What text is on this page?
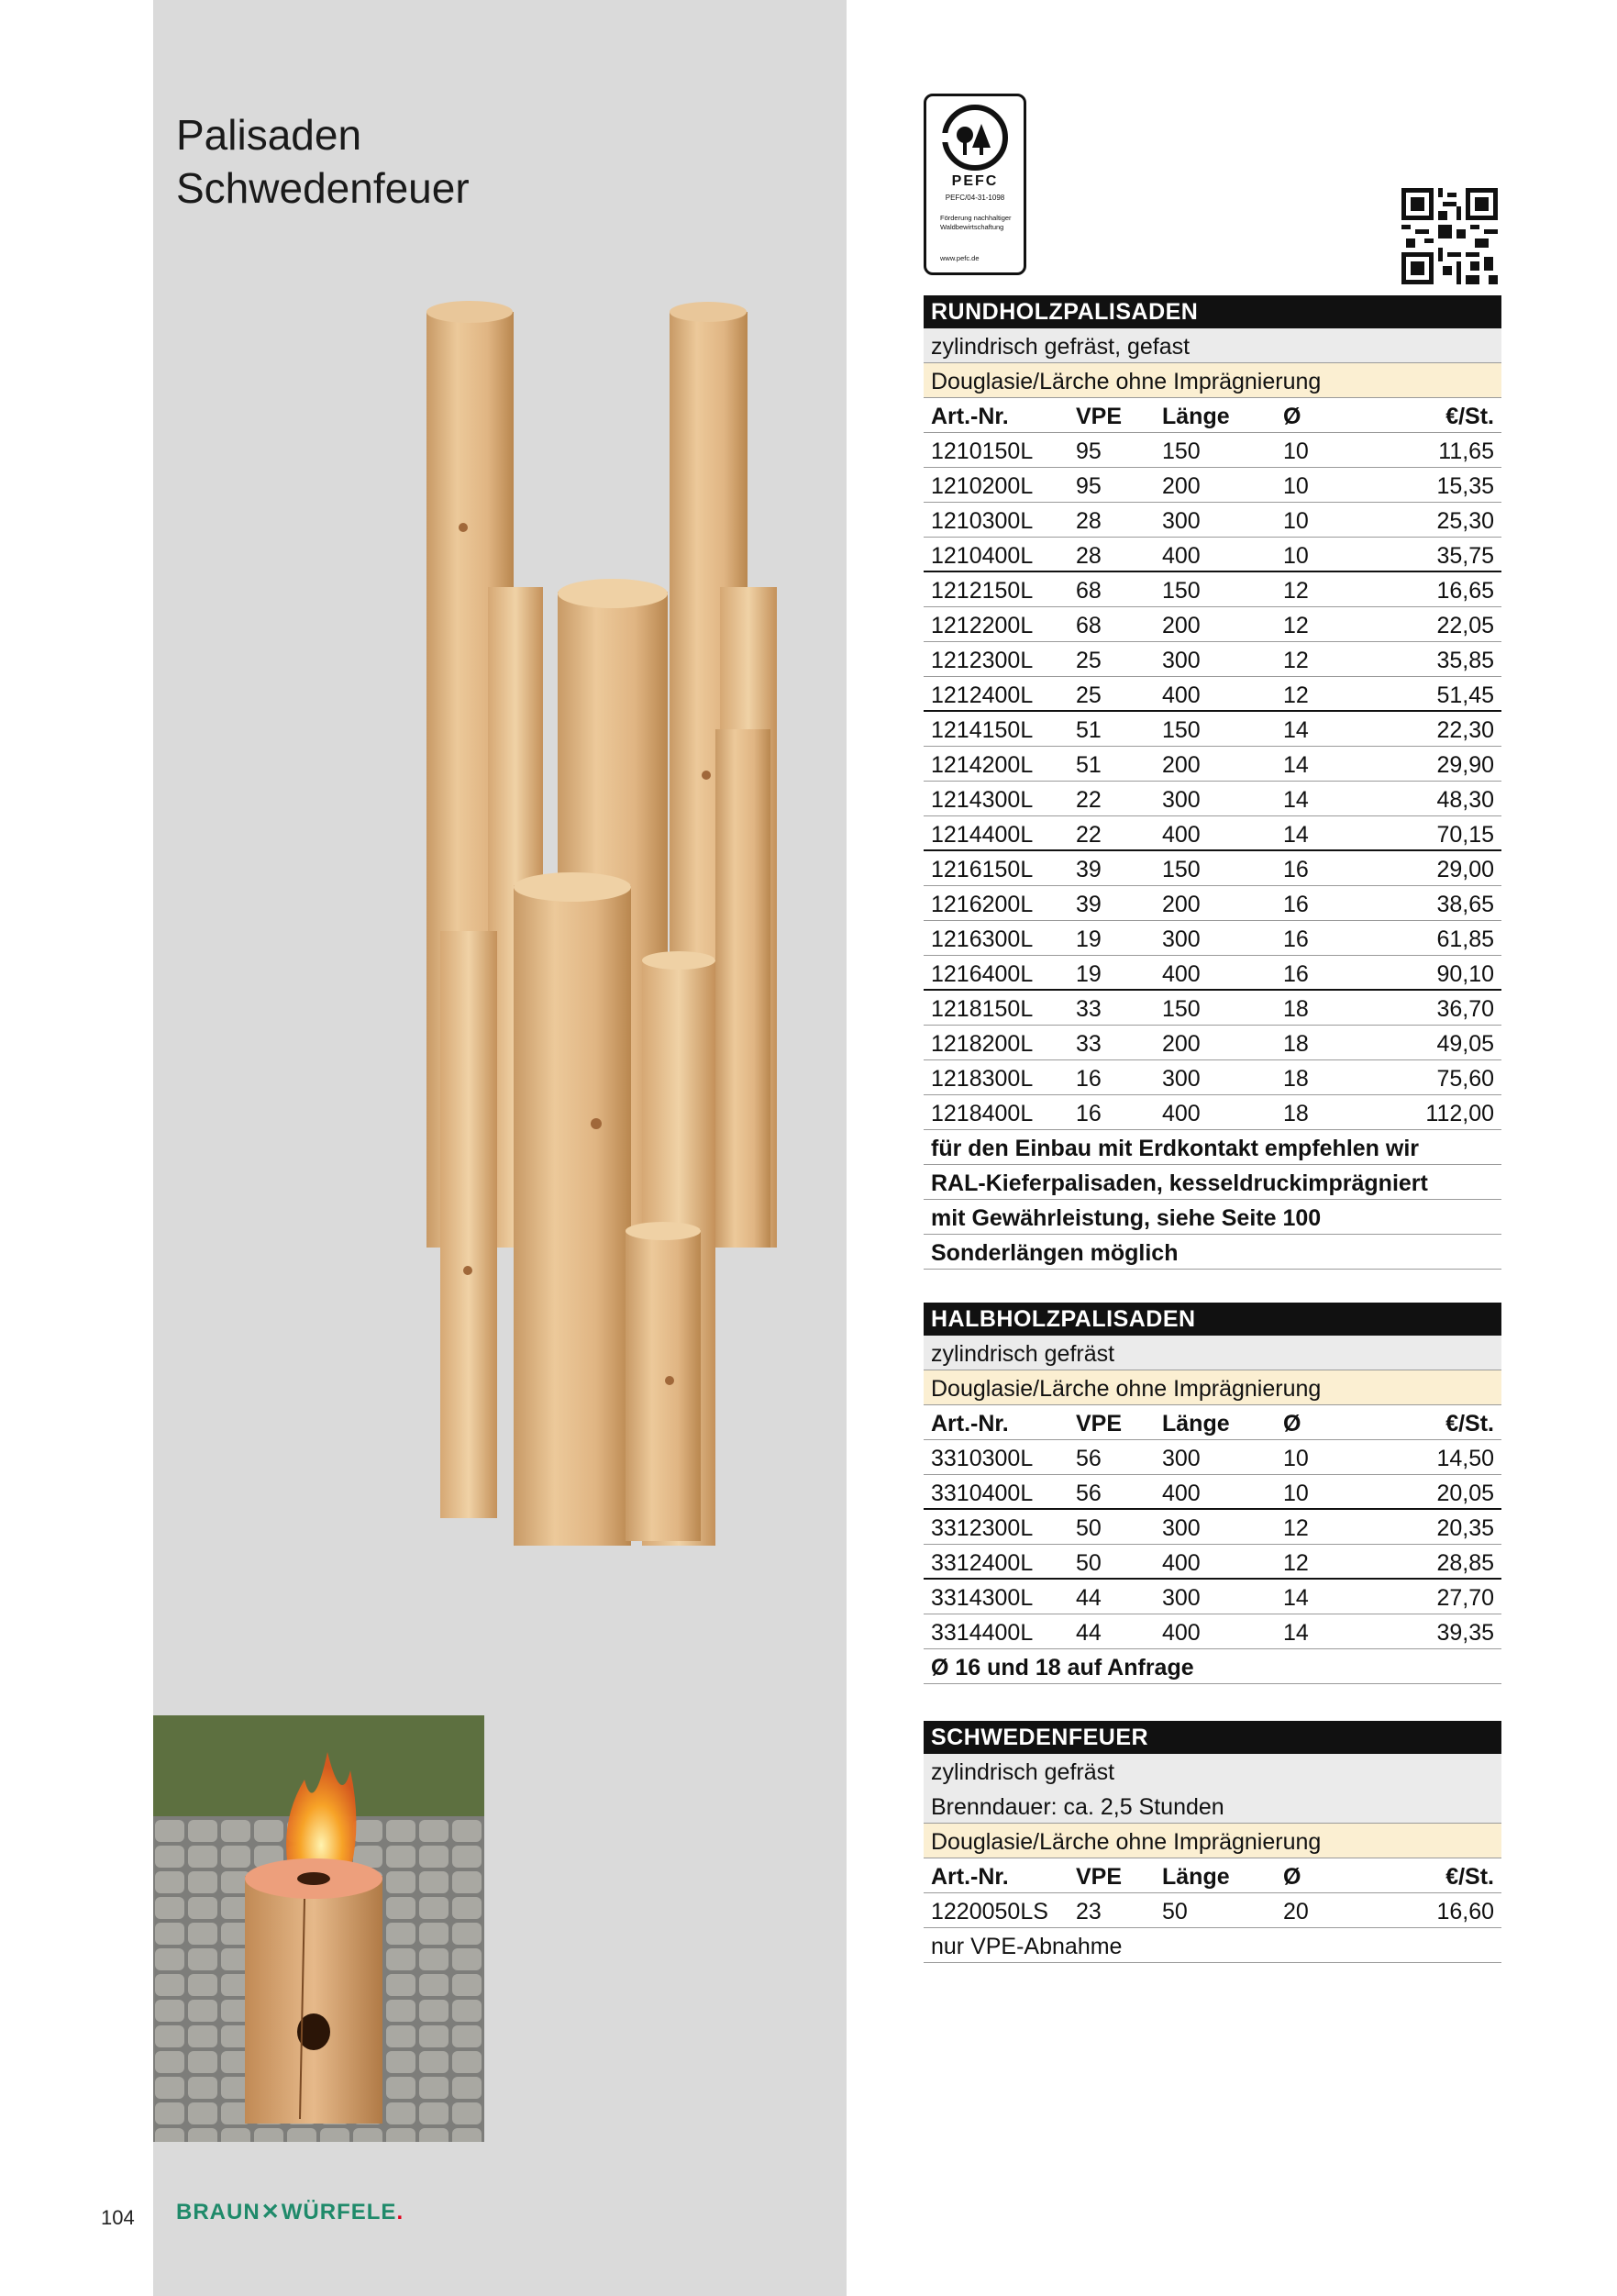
Palisaden
Schwedenfeuer
104 BRAUN✕WÜRFELE.
PEFC
PEFC/04-31-1098
Förderung nachhaltiger Waldbewirtschaftung
www.pefc.de
RUNDHOLZPALISADEN
zylindrisch gefräst, gefast
Douglasie/Lärche ohne Imprägnierung
Art.-Nr.	VPE Länge Ø	€/St.
1210150L 95	150	10	11,65
1210200L 95	200	10	15,35
1210300L 28	300	10	25,30
1210400L 28	400	10	35,75
1212150L 68	150	12	16,65
1212200L 68	200	12	22,05
1212300L 25	300	12	35,85
1212400L 25	400	12	51,45
1214150L 51	150	14	22,30
1214200L 51	200	14	29,90
1214300L 22	300	14	48,30
1214400L 22	400	14	70,15
1216150L 39	150	16	29,00
1216200L 39	200	16	38,65
1216300L 19	300	16	61,85
1216400L 19	400	16	90,10
1218150L 33	150	18	36,70
1218200L 33	200	18	49,05
1218300L 16	300	18	75,60
1218400L 16	400	18	112,00
für den Einbau mit Erdkontakt empfehlen wir
RAL-Kieferpalisaden, kesseldruckimprägniert
mit Gewährleistung, siehe Seite 100
Sonderlängen möglich
HALBHOLZPALISADEN
zylindrisch gefräst
Douglasie/Lärche ohne Imprägnierung
Art.-Nr.	VPE Länge Ø	€/St.
3310300L 56	300	10	14,50
3310400L 56	400	10	20,05
3312300L 50	300	12	20,35
3312400L 50	400	12	28,85
3314300L 44	300	14	27,70
3314400L 44	400	14	39,35
Ø 16 und 18 auf Anfrage
SCHWEDENFEUER
zylindrisch gefräst
Brenndauer: ca. 2,5 Stunden
Douglasie/Lärche ohne Imprägnierung
Art.-Nr.	VPE Länge Ø	€/St.
1220050LS 23	50	20	16,60
nur VPE-Abnahme
